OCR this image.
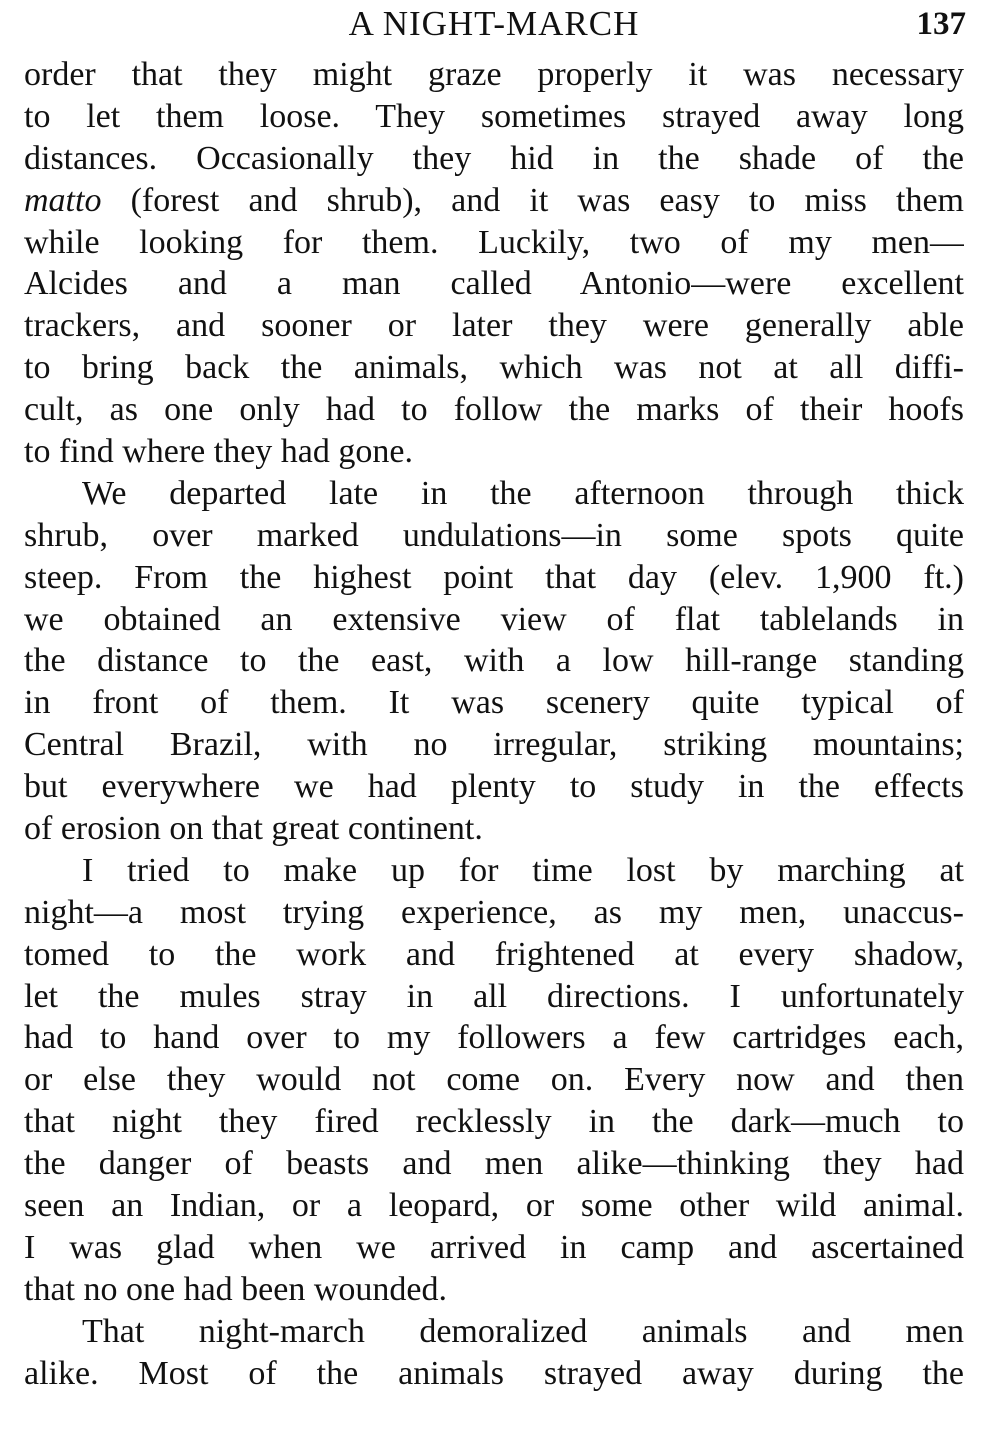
A NIGHT-MARCH	137
order that they might graze properly it was necessary
to let them loose. They sometimes strayed away long
distances. Occasionally they hid in the shade of the
matto (forest and shrub), and it was easy to miss them
while looking for them. Luckily, two of my men—
Alcides and a man called Antonio—were excellent
trackers, and sooner or later they were generally able
to bring back the animals, which was not at all diffi-
cult, as one only had to follow the marks of their hoofs
to find where they had gone.
We departed late in the afternoon through thick
shrub, over marked undulations—in some spots quite
steep. From the highest point that day (elev. 1,900 ft.)
we obtained an extensive view of flat tablelands in
the distance to the east, with a low hill-range standing
in front of them. It was scenery quite typical of
Central Brazil, with no irregular, striking mountains;
but everywhere we had plenty to study in the effects
of erosion on that great continent.
I tried to make up for time lost by marching at
night—a most trying experience, as my men, unaccus-
tomed to the work and frightened at every shadow,
let the mules stray in all directions. I unfortunately
had to hand over to my followers a few cartridges each,
or else they would not come on. Every now and then
that night they fired recklessly in the dark—much to
the danger of beasts and men alike—thinking they had
seen an Indian, or a leopard, or some other wild animal.
I was glad when we arrived in camp and ascertained
that no one had been wounded.
That night-march demoralized animals and men
alike. Most of the animals strayed away during the
